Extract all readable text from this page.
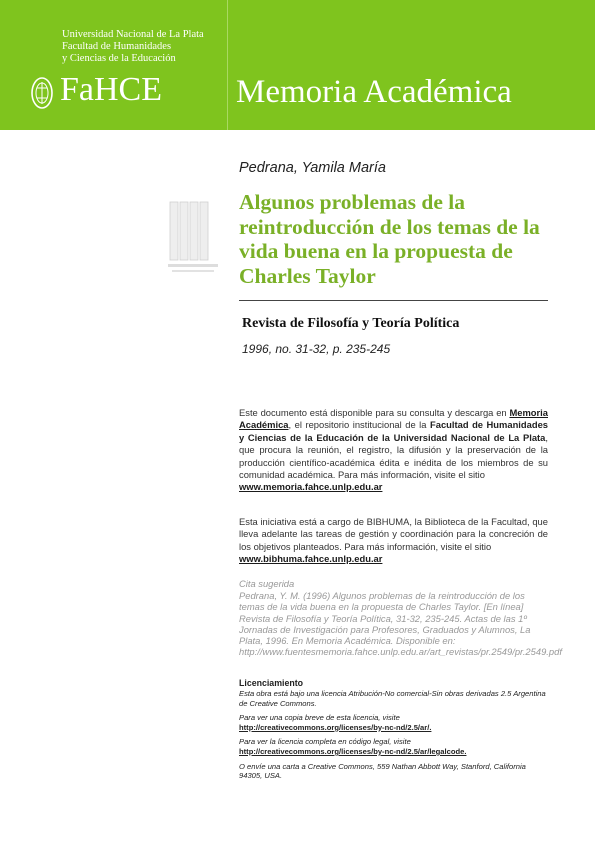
Universidad Nacional de La Plata
Facultad de Humanidades
y Ciencias de la Educación
FaHCE Memoria Académica
Pedrana, Yamila María
Algunos problemas de la reintroducción de los temas de la vida buena en la propuesta de Charles Taylor
Revista de Filosofía y Teoría Política
1996, no. 31-32, p. 235-245
Este documento está disponible para su consulta y descarga en Memoria Académica, el repositorio institucional de la Facultad de Humanidades y Ciencias de la Educación de la Universidad Nacional de La Plata, que procura la reunión, el registro, la difusión y la preservación de la producción científico-académica édita e inédita de los miembros de su comunidad académica. Para más información, visite el sitio
www.memoria.fahce.unlp.edu.ar
Esta iniciativa está a cargo de BIBHUMA, la Biblioteca de la Facultad, que lleva adelante las tareas de gestión y coordinación para la concreción de los objetivos planteados. Para más información, visite el sitio
www.bibhuma.fahce.unlp.edu.ar
Cita sugerida
Pedrana, Y. M. (1996) Algunos problemas de la reintroducción de los temas de la vida buena en la propuesta de Charles Taylor. [En línea] Revista de Filosofía y Teoría Política, 31-32, 235-245. Actas de las 1º Jornadas de Investigación para Profesores, Graduados y Alumnos, La Plata, 1996. En Memoria Académica. Disponible en: http://www.fuentesmemoria.fahce.unlp.edu.ar/art_revistas/pr.2549/pr.2549.pdf
Licenciamiento
Esta obra está bajo una licencia Atribución-No comercial-Sin obras derivadas 2.5 Argentina de Creative Commons.
Para ver una copia breve de esta licencia, visite
http://creativecommons.org/licenses/by-nc-nd/2.5/ar/.
Para ver la licencia completa en código legal, visite
http://creativecommons.org/licenses/by-nc-nd/2.5/ar/legalcode.
O envíe una carta a Creative Commons, 559 Nathan Abbott Way, Stanford, California 94305, USA.
